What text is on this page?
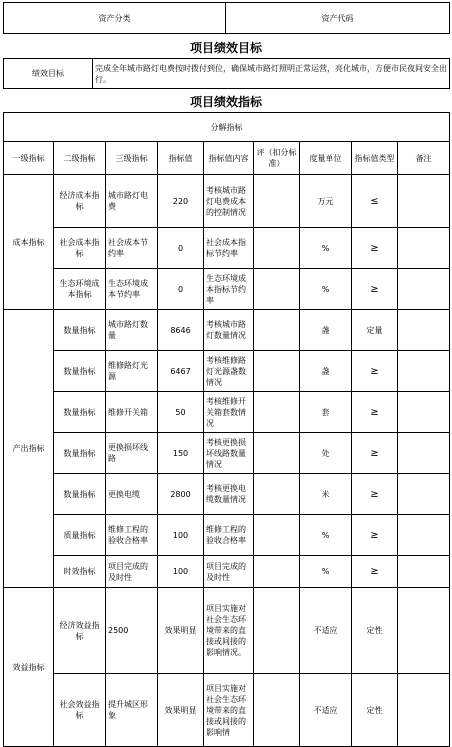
资产分类	资产代码
项目绩效目标
绩效目标	完成全年城市路灯电费按时拨付到位，确保城市路灯照明正常运营，亮化城市，方便市民夜间安全出行。
项目绩效指标
分解指标								
一级指标	二级指标	三级指标	指标值	指标值内容	评（扣分标准）	度量单位	指标值类型	备注
成本指标	经济成本指标	城市路灯电费	220	考核城市路灯电费成本的控制情况		万元	≤	
	社会成本指标	社会成本节约率	0	社会成本指标节约率		%	≥	
	生态环境成本指标	生态环境成本节约率	0	生态环境成本指标节约率		%	≥	
产出指标	数量指标	城市路灯数量	8646	考核城市路灯数量情况		盏	定量	
	数量指标	维修路灯光源	6467	考核维修路灯光源盏数情况		盏	≥	
	数量指标	维修开关箱	50	考核维修开关箱套数情况		套	≥	
	数量指标	更换损坏线路	150	考核更换损坏线路数量情况		处	≥	
	数量指标	更换电缆	2800	考核更换电缆数量情况		米	≥	
	质量指标	维修工程的验收合格率	100	维修工程的验收合格率		%	≥	
	时效指标	项目完成的及时性	100	项目完成的及时性		%	≥	
效益指标	经济效益指标	2500	效果明显	项目实施对社会生态环境带来的直接或间接的影响情况。		不适应	定性	
	社会效益指标	提升城区形象	效果明显	项目实施对社会生态环境带来的直接或间接的影响情		不适应	定性	
